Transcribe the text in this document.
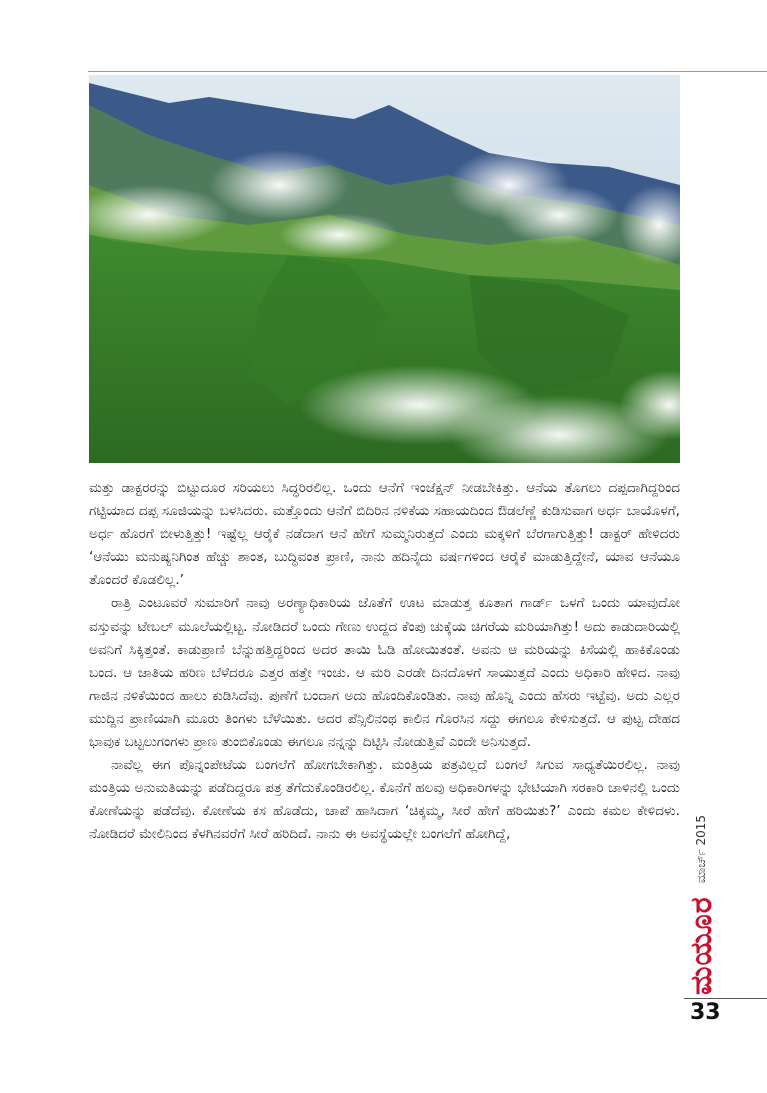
ಮತ್ತು ಡಾಕ್ಟರರನ್ನು ಬಿಟ್ಟುದೂರ ಸರಿಯಲು ಸಿದ್ಧರಿರಲಿಲ್ಲ. ಒಂದು ಆನೆಗೆ ಇಂಜೆಕ್ಷನ್ ನೀಡಬೇಕಿತ್ತು. ಆನೆಯ ತೊಗಲು ದಪ್ಪದಾಗಿದ್ದರಿಂದ ಗಟ್ಟಿಯಾದ ದಪ್ಪ ಸೂಜಿಯನ್ನು ಬಳಸಿದರು. ಮತ್ತೊಂದು ಆನೆಗೆ ಬಿದಿರಿನ ನಳಿಕೆಯ ಸಹಾಯದಿಂದ ಔಡಲೆಣ್ಣೆ ಕುಡಿಸುವಾಗ ಅರ್ಧ ಬಾಯೊಳಗೆ, ಅರ್ಧ ಹೊರಗೆ ಬೀಳುತ್ತಿತ್ತು! ಇಷ್ಟೆಲ್ಲ ಆರೈಕೆ ನಡೆದಾಗ ಆನೆ ಹೇಗೆ ಸುಮ್ಮನಿರುತ್ತದೆ ಎಂದು ಮಕ್ಕಳಿಗೆ ಬೆರಗಾಗುತ್ತಿತ್ತು! ಡಾಕ್ಟರ್ ಹೇಳಿದರು ‘ಆನೆಯು ಮನುಷ್ಯನಿಗಿಂತ ಹೆಚ್ಚು ಶಾಂತ, ಬುದ್ಧಿವಂತ ಪ್ರಾಣಿ, ನಾನು ಹದಿನೈದು ವರ್ಷಗಳಿಂದ ಆರೈಕೆ ಮಾಡುತ್ತಿದ್ದೇನೆ, ಯಾವ ಆನೆಯೂ ತೊಂದರೆ ಕೊಡಲಿಲ್ಲ.’

ರಾತ್ರಿ ಎಂಟೂವರೆ ಸುಮಾರಿಗೆ ನಾವು ಅರಣ್ಯಾಧಿಕಾರಿಯ ಜೊತೆಗೆ ಊಟ ಮಾಡುತ್ತ ಕೂತಾಗ ಗಾರ್ಡ್ ಒಳಗೆ ಒಂದು ಯಾವುದೋ ವಸ್ತುವನ್ನು ಟೇಬಲ್ ಮೂಲೆಯಲ್ಲಿಟ್ಟ. ನೋಡಿದರೆ ಒಂದು ಗೇಣು ಉದ್ದದ ಕೆಂಪು ಚುಕ್ಕೆಯ ಚಿಗರೆಯ ಮರಿಯಾಗಿತ್ತು! ಅದು ಕಾಡುದಾರಿಯಲ್ಲಿ ಅವನಿಗೆ ಸಿಕ್ಕಿತ್ತಂತೆ. ಕಾಡುಪ್ರಾಣಿ ಬೆನ್ನುಹತ್ತಿದ್ದರಿಂದ ಅದರ ತಾಯಿ ಓಡಿ ಹೋಯಿತಂತೆ. ಅವನು ಆ ಮರಿಯನ್ನು ಕಿಸೆಯಲ್ಲಿ ಹಾಕಿಕೊಂಡು ಬಂದ. ಆ ಜಾತಿಯ ಹರಿಣ ಬೆಳೆದರೂ ಎತ್ತರ ಹತ್ತೇ ಇಂಚು. ಆ ಮರಿ ಎರಡೇ ದಿನದೊಳಗೆ ಸಾಯುತ್ತದೆ ಎಂದು ಅಧಿಕಾರಿ ಹೇಳಿದ. ನಾವು ಗಾಜಿನ ನಳಿಕೆಯಿಂದ ಹಾಲು ಕುಡಿಸಿದೆವು. ಪುಣೆಗೆ ಬಂದಾಗ ಅದು ಹೊಂದಿಕೊಂಡಿತು. ನಾವು ಹೊನ್ನಿ ಎಂದು ಹೆಸರು ಇಟ್ಟೆವು. ಅದು ಎಲ್ಲರ ಮುದ್ದಿನ ಪ್ರಾಣಿಯಾಗಿ ಮೂರು ತಿಂಗಳು ಬೆಳೆಯಿತು. ಅದರ ಪೆನ್ಸಿಲಿನಂಥ ಕಾಲಿನ ಗೊರಸಿನ ಸದ್ದು ಈಗಲೂ ಕೇಳಿಸುತ್ತದೆ. ಆ ಪುಟ್ಟ ದೇಹದ ಭಾವುಕ ಬಟ್ಟಲುಗಂಗಳು ಪ್ರಾಣ ತುಂಬಿಕೊಂಡು ಈಗಲೂ ನನ್ನನ್ನು ದಿಟ್ಟಿಸಿ ನೋಡುತ್ತಿವೆ ಎಂದೇ ಅನಿಸುತ್ತದೆ.

ನಾವೆಲ್ಲ ಈಗ ಪೊನ್ನಂಪೇಟೆಯ ಬಂಗಲೆಗೆ ಹೋಗಬೇಕಾಗಿತ್ತು. ಮಂತ್ರಿಯ ಪತ್ರವಿಲ್ಲದೆ ಬಂಗಲೆ ಸಿಗುವ ಸಾಧ್ಯತೆಯಿರಲಿಲ್ಲ. ನಾವು ಮಂತ್ರಿಯ ಅನುಮತಿಯನ್ನು ಪಡೆದಿದ್ದರೂ ಪತ್ರ ತೆಗೆದುಕೊಂಡಿರಲಿಲ್ಲ. ಕೊನೆಗೆ ಹಲವು ಅಧಿಕಾರಿಗಳನ್ನು ಭೇಟಿಯಾಗಿ ಸರಕಾರಿ ಚಾಳಿನಲ್ಲಿ ಒಂದು ಕೋಣೆಯನ್ನು ಪಡೆದೆವು. ಕೋಣೆಯ ಕಸ ಹೊಡೆದು, ಚಾಪೆ ಹಾಸಿದಾಗ ‘ಚಿಕ್ಕಮ್ಮ, ಸೀರೆ ಹೇಗೆ ಹರಿಯಿತು?’ ಎಂದು ಕಮಲ ಕೇಳಿದಳು. ನೋಡಿದರೆ ಮೇಲಿನಿಂದ ಕೆಳಗಿನವರೆಗೆ ಸೀರೆ ಹರಿದಿದೆ. ನಾನು ಈ ಅವಸ್ಥೆಯಲ್ಲೇ ಬಂಗಲೆಗೆ ಹೋಗಿದ್ದೆ,

ಮಯೂರ ಮಾರ್ಚ್ 2015
33
